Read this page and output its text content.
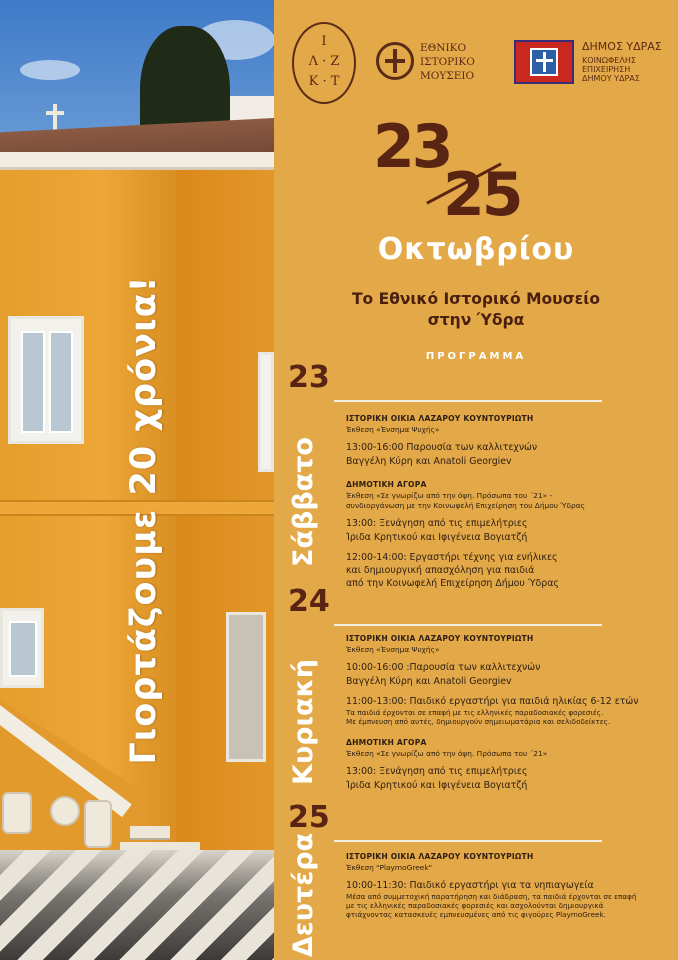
Γιορτάζουμε 20 χρόνια!
Ι
Λ · Ζ
Κ · Τ
ΕΘΝΙΚΟ
ΙΣΤΟΡΙΚΟ
ΜΟΥΣΕΙΟ
ΔΗΜΟΣ ΥΔΡΑΣ
ΚΟΙΝΩΦΕΛΗΣ
ΕΠΙΧΕΙΡΗΣΗ
ΔΗΜΟΥ ΥΔΡΑΣ
23
25
Οκτωβρίου
Το Εθνικό Ιστορικό Μουσείο
στην Ύδρα
ΠΡΟΓΡΑΜΜΑ
23
Σάββατο
ΙΣΤΟΡΙΚΗ ΟΙΚΙΑ ΛΑΖΑΡΟΥ ΚΟΥΝΤΟΥΡΙΩΤΗ
Έκθεση «Ένσημα Ψυχής»
13:00-16:00 Παρουσία των καλλιτεχνών
Βαγγέλη Κύρη και Anatoli Georgiev
ΔΗΜΟΤΙΚΗ ΑΓΟΡΑ
Έκθεση «Σε γνωρίζω από την όψη. Πρόσωπα του ΄21» -
συνδιοργάνωση με την Κοινωφελή Επιχείρηση του Δήμου Ύδρας
13:00: Ξενάγηση από τις επιμελήτριες
Ίριδα Κρητικού και Ιφιγένεια Βογιατζή
12:00-14:00: Εργαστήρι τέχνης για ενήλικες
και δημιουργική απασχόληση για παιδιά
από την Κοινωφελή Επιχείρηση Δήμου Ύδρας
24
Κυριακή
ΙΣΤΟΡΙΚΗ ΟΙΚΙΑ ΛΑΖΑΡΟΥ ΚΟΥΝΤΟΥΡΙΩΤΗ
Έκθεση «Ένσημα Ψυχής»
10:00-16:00 :Παρουσία των καλλιτεχνών
Βαγγέλη Κύρη και Anatoli Georgiev
11:00-13:00: Παιδικό εργαστήρι για παιδιά ηλικίας 6-12 ετών
Τα παιδιά έρχονται σε επαφή με τις ελληνικές παραδοσιακές φορεσιές.
Με έμπνευση από αυτές, δημιουργούν σημειωματάρια και σελιδοδείκτες.
ΔΗΜΟΤΙΚΗ ΑΓΟΡΑ
Έκθεση «Σε γνωρίζω από την όψη. Πρόσωπα του ΄21»
13:00: Ξενάγηση από τις επιμελήτριες
Ίριδα Κρητικού και Ιφιγένεια Βογιατζή
25
Δευτέρα	ΙΣΤΟΡΙΚΗ ΟΙΚΙΑ ΛΑΖΑΡΟΥ ΚΟΥΝΤΟΥΡΙΩΤΗ
Έκθεση "PlaymoGreek"
10:00-11:30: Παιδικό εργαστήρι για τα νηπιαγωγεία
Μέσα από συμμετοχική παρατήρηση και διάδραση, τα παιδιά έρχονται σε επαφή
με τις ελληνικές παραδοσιακές φορεσιές και ασχολούνται δημιουργικά
φτιάχνοντας κατασκευές εμπνευσμένες από τις φιγούρες PlaymoGreek.
